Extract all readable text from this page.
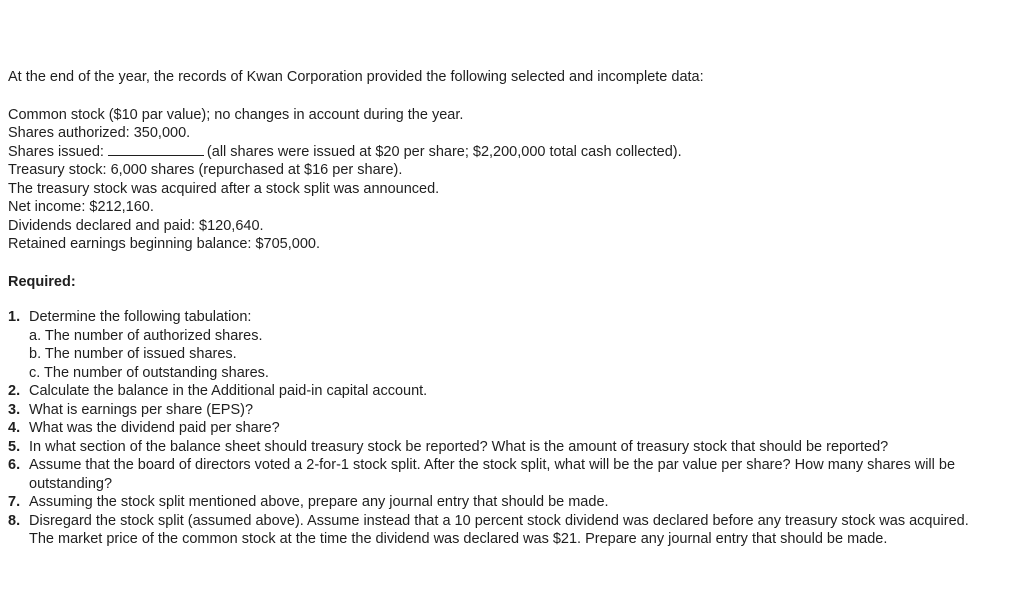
At the end of the year, the records of Kwan Corporation provided the following selected and incomplete data:

Common stock ($10 par value); no changes in account during the year.

Shares authorized: 350,000.

Shares issued:	(all shares were issued at $20 per share; $2,200,000 total cash collected).

Treasury stock: 6,000 shares (repurchased at $16 per share).

The treasury stock was acquired after a stock split was announced.

Net income: $212,160.

Dividends declared and paid: $120,640.

Retained earnings beginning balance: $705,000.

Required:

1. Determine the following tabulation:
a. The number of authorized shares.
b. The number of issued shares.
c. The number of outstanding shares.
2. Calculate the balance in the Additional paid-in capital account.
3. What is earnings per share (EPS)?
4. What was the dividend paid per share?
5. In what section of the balance sheet should treasury stock be reported? What is the amount of treasury stock that should be reported?
6. Assume that the board of directors voted a 2-for-1 stock split. After the stock split, what will be the par value per share? How many shares will be outstanding?
7. Assuming the stock split mentioned above, prepare any journal entry that should be made.
8. Disregard the stock split (assumed above). Assume instead that a 10 percent stock dividend was declared before any treasury stock was acquired. The market price of the common stock at the time the dividend was declared was $21. Prepare any journal entry that should be made.
